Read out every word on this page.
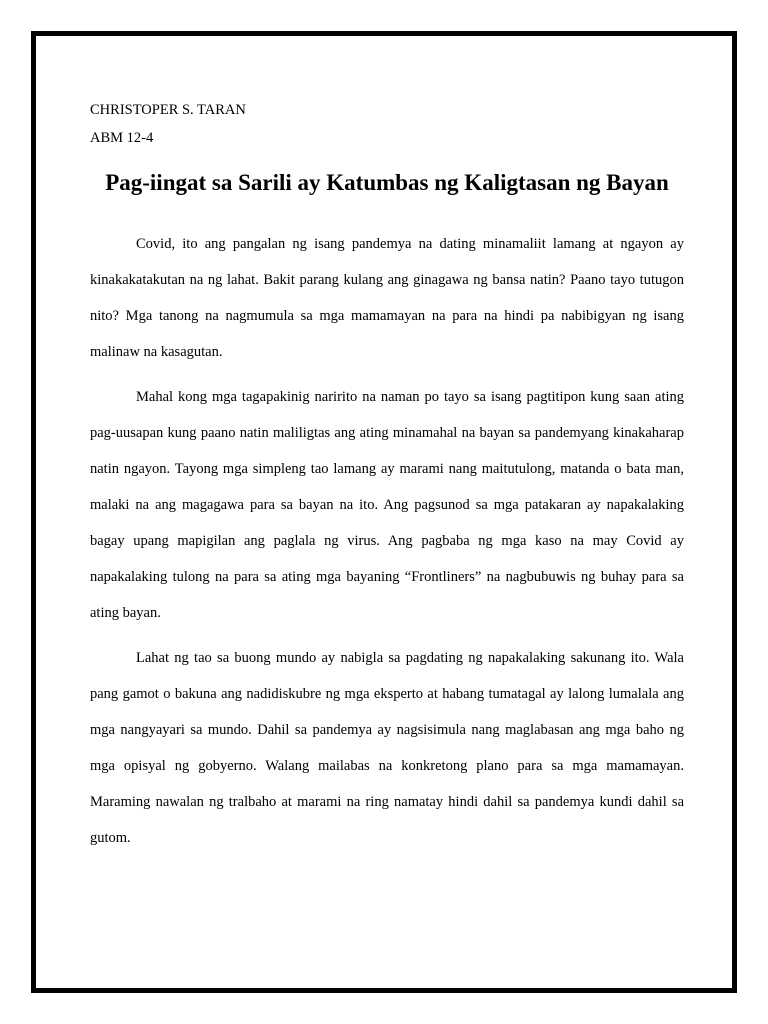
CHRISTOPER S. TARAN

ABM 12-4

Pag-iingat sa Sarili ay Katumbas ng Kaligtasan ng Bayan

Covid, ito ang pangalan ng isang pandemya na dating minamaliit lamang at ngayon ay kinakakatakutan na ng lahat. Bakit parang kulang ang ginagawa ng bansa natin? Paano tayo tutugon nito? Mga tanong na nagmumula sa mga mamamayan na para na hindi pa nabibigyan ng isang malinaw na kasagutan.

Mahal kong mga tagapakinig naririto na naman po tayo sa isang pagtitipon kung saan ating pag-uusapan kung paano natin maliligtas ang ating minamahal na bayan sa pandemyang kinakaharap natin ngayon. Tayong mga simpleng tao lamang ay marami nang maitutulong, matanda o bata man, malaki na ang magagawa para sa bayan na ito. Ang pagsunod sa mga patakaran ay napakalaking bagay upang mapigilan ang paglala ng virus. Ang pagbaba ng mga kaso na may Covid ay napakalaking tulong na para sa ating mga bayaning “Frontliners” na nagbubuwis ng buhay para sa ating bayan.

Lahat ng tao sa buong mundo ay nabigla sa pagdating ng napakalaking sakunang ito. Wala pang gamot o bakuna ang nadidiskubre ng mga eksperto at habang tumatagal ay lalong lumalala ang mga nangyayari sa mundo. Dahil sa pandemya ay nagsisimula nang maglabasan ang mga baho ng mga opisyal ng gobyerno. Walang mailabas na konkretong plano para sa mga mamamayan. Maraming nawalan ng tralbaho at marami na ring namatay hindi dahil sa pandemya kundi dahil sa gutom.
